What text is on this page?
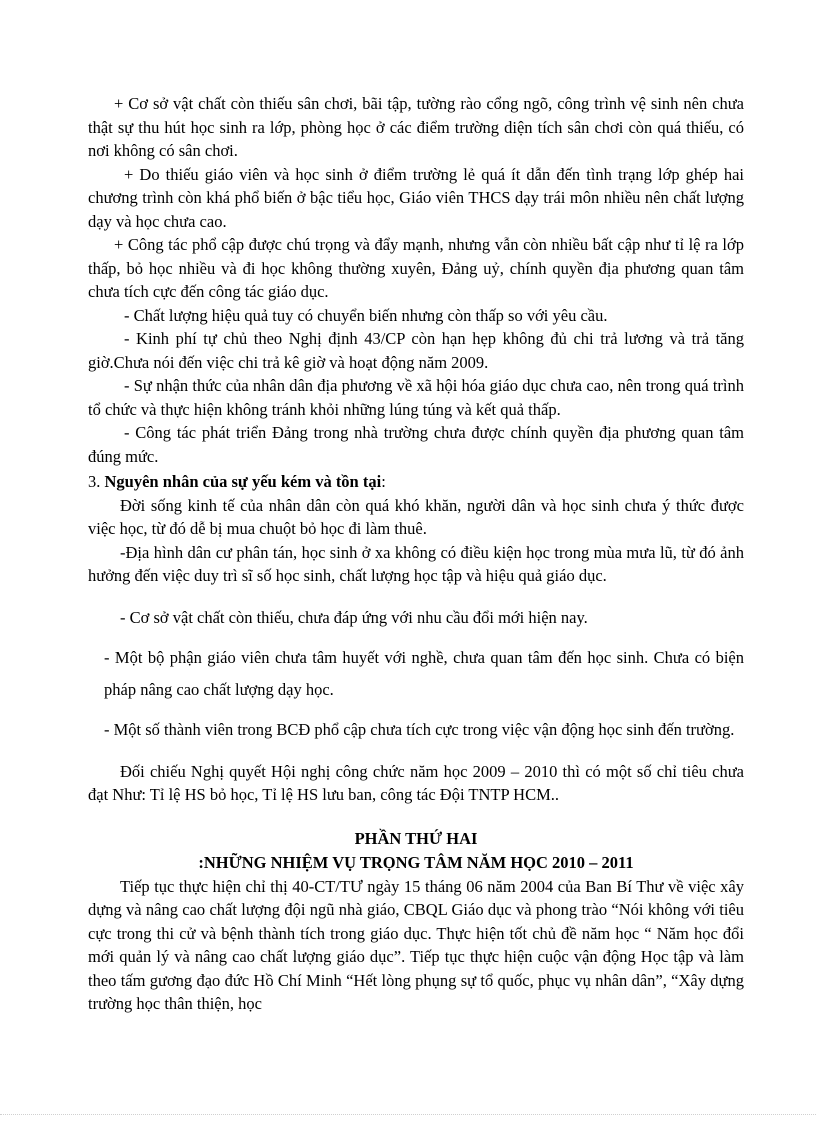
+ Cơ sở vật chất còn thiếu sân chơi, bãi tập, tường rào cổng ngõ, công trình vệ sinh nên chưa thật sự thu hút học sinh ra lớp, phòng học ở các điểm trường diện tích sân chơi còn quá thiếu, có nơi không có sân chơi.

+ Do thiếu giáo viên và học sinh ở điểm trường lẻ quá ít dẫn đến tình trạng lớp ghép hai chương trình còn khá phổ biến ở bậc tiểu học, Giáo viên THCS dạy trái môn nhiều nên chất lượng dạy và học chưa cao.

+ Công tác phổ cập được chú trọng và đẩy mạnh, nhưng vẫn còn nhiều bất cập như tỉ lệ ra lớp thấp, bỏ học nhiều và đi học không thường xuyên, Đảng uỷ, chính quyền địa phương quan tâm chưa tích cực đến công tác giáo dục.

- Chất lượng hiệu quả tuy có chuyển biến nhưng còn thấp so với yêu cầu.

- Kinh phí tự chủ theo Nghị định 43/CP còn hạn hẹp không đủ chi trả lương và trả tăng giờ.Chưa nói đến việc chi trả kê giờ và hoạt động năm 2009.

- Sự nhận thức của nhân dân địa phương về xã hội hóa giáo dục chưa cao, nên trong quá trình tổ chức và thực hiện không tránh khỏi những lúng túng và kết quả thấp.

- Công tác phát triển Đảng trong nhà trường chưa được chính quyền địa phương quan tâm đúng mức.

3. Nguyên nhân của sự yếu kém và tồn tại:

Đời sống kinh tế của nhân dân còn quá khó khăn, người dân và học sinh chưa ý thức được việc học, từ đó dễ bị mua chuột bỏ học đi làm thuê.

-Địa hình dân cư phân tán, học sinh ở xa không có điều kiện học trong mùa mưa lũ, từ đó ảnh hưởng đến việc duy trì sĩ số học sinh, chất lượng học tập và hiệu quả giáo dục.

- Cơ sở vật chất còn thiếu, chưa đáp ứng với nhu cầu đổi mới hiện nay.

- Một bộ phận giáo viên chưa tâm huyết với nghề, chưa quan tâm đến học sinh. Chưa có biện pháp nâng cao chất lượng dạy học.

- Một số thành viên trong BCĐ phổ cập chưa tích cực trong việc vận động học sinh đến trường.

Đối chiếu Nghị quyết Hội nghị công chức năm học 2009 – 2010 thì có một số chỉ tiêu chưa đạt Như: Tỉ lệ HS bỏ học, Tỉ lệ HS lưu ban, công tác Đội TNTP HCM..

PHẦN THỨ HAI
:NHỮNG NHIỆM VỤ TRỌNG TÂM NĂM HỌC 2010 – 2011

Tiếp tục thực hiện chỉ thị 40-CT/TƯ ngày 15 tháng 06 năm 2004 của Ban Bí Thư về việc xây dựng và nâng cao chất lượng đội ngũ nhà giáo, CBQL Giáo dục và phong trào “Nói không với tiêu cực trong thi cử và bệnh thành tích trong giáo dục. Thực hiện tốt chủ đề năm học “ Năm học đổi mới quản lý và nâng cao chất lượng giáo dục”. Tiếp tục thực hiện cuộc vận động Học tập và làm theo tấm gương đạo đức Hồ Chí Minh “Hết lòng phụng sự tổ quốc, phục vụ nhân dân”, “Xây dựng trường học thân thiện, học
